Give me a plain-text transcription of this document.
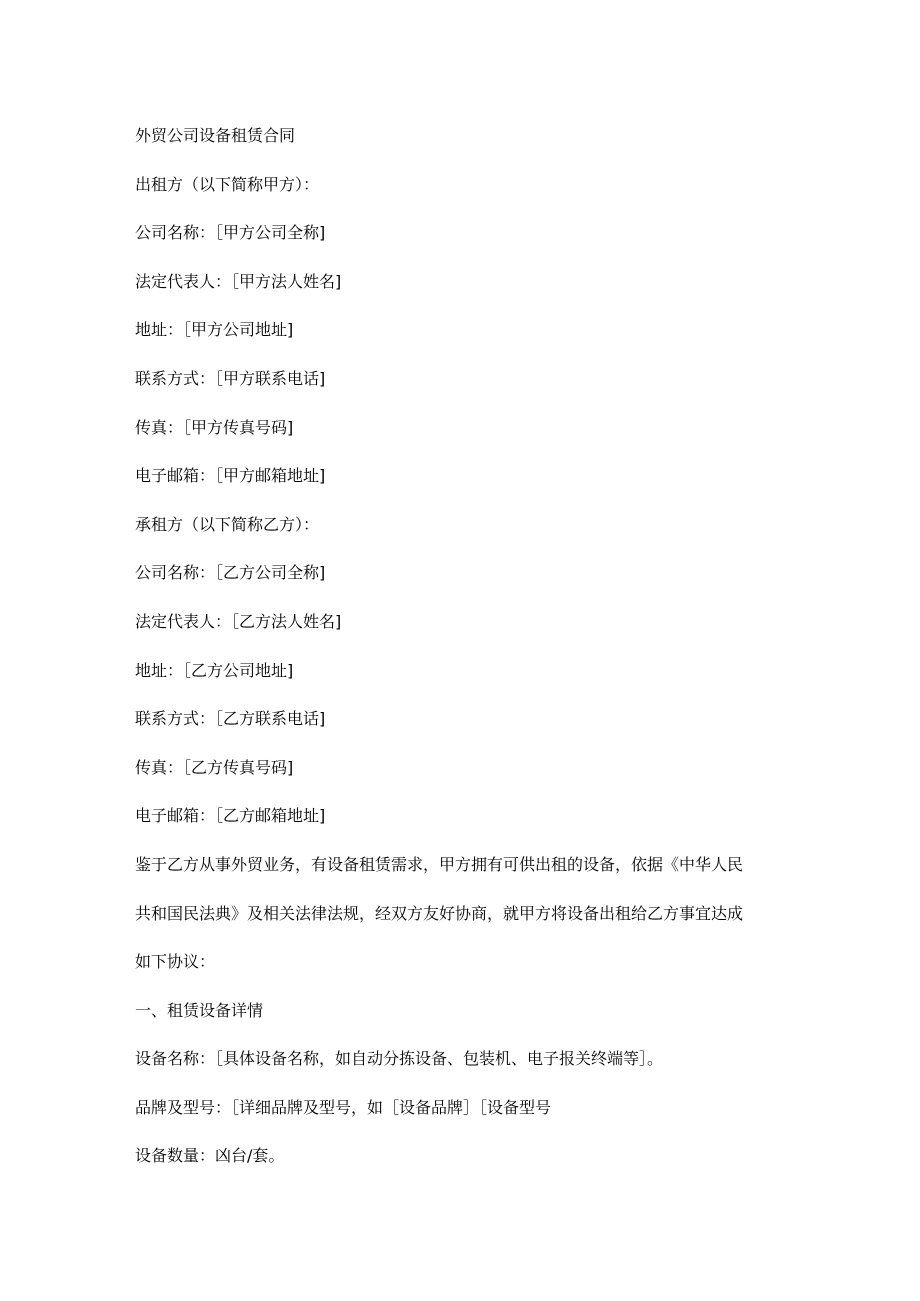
外贸公司设备租赁合同
出租方（以下简称甲方）：
公司名称：［甲方公司全称]
法定代表人：［甲方法人姓名]
地址：［甲方公司地址]
联系方式：［甲方联系电话]
传真：［甲方传真号码]
电子邮箱：［甲方邮箱地址]
承租方（以下简称乙方）：
公司名称：［乙方公司全称]
法定代表人：［乙方法人姓名]
地址：［乙方公司地址]
联系方式：［乙方联系电话]
传真：［乙方传真号码]
电子邮箱：［乙方邮箱地址]
鉴于乙方从事外贸业务，有设备租赁需求，甲方拥有可供出租的设备，依据《中华人民
共和国民法典》及相关法律法规，经双方友好协商，就甲方将设备出租给乙方事宜达成
如下协议：
一、租赁设备详情
设备名称：［具体设备名称，如自动分拣设备、包装机、电子报关终端等］。
品牌及型号：［详细品牌及型号，如［设备品牌］［设备型号
设备数量：凶台/套。
